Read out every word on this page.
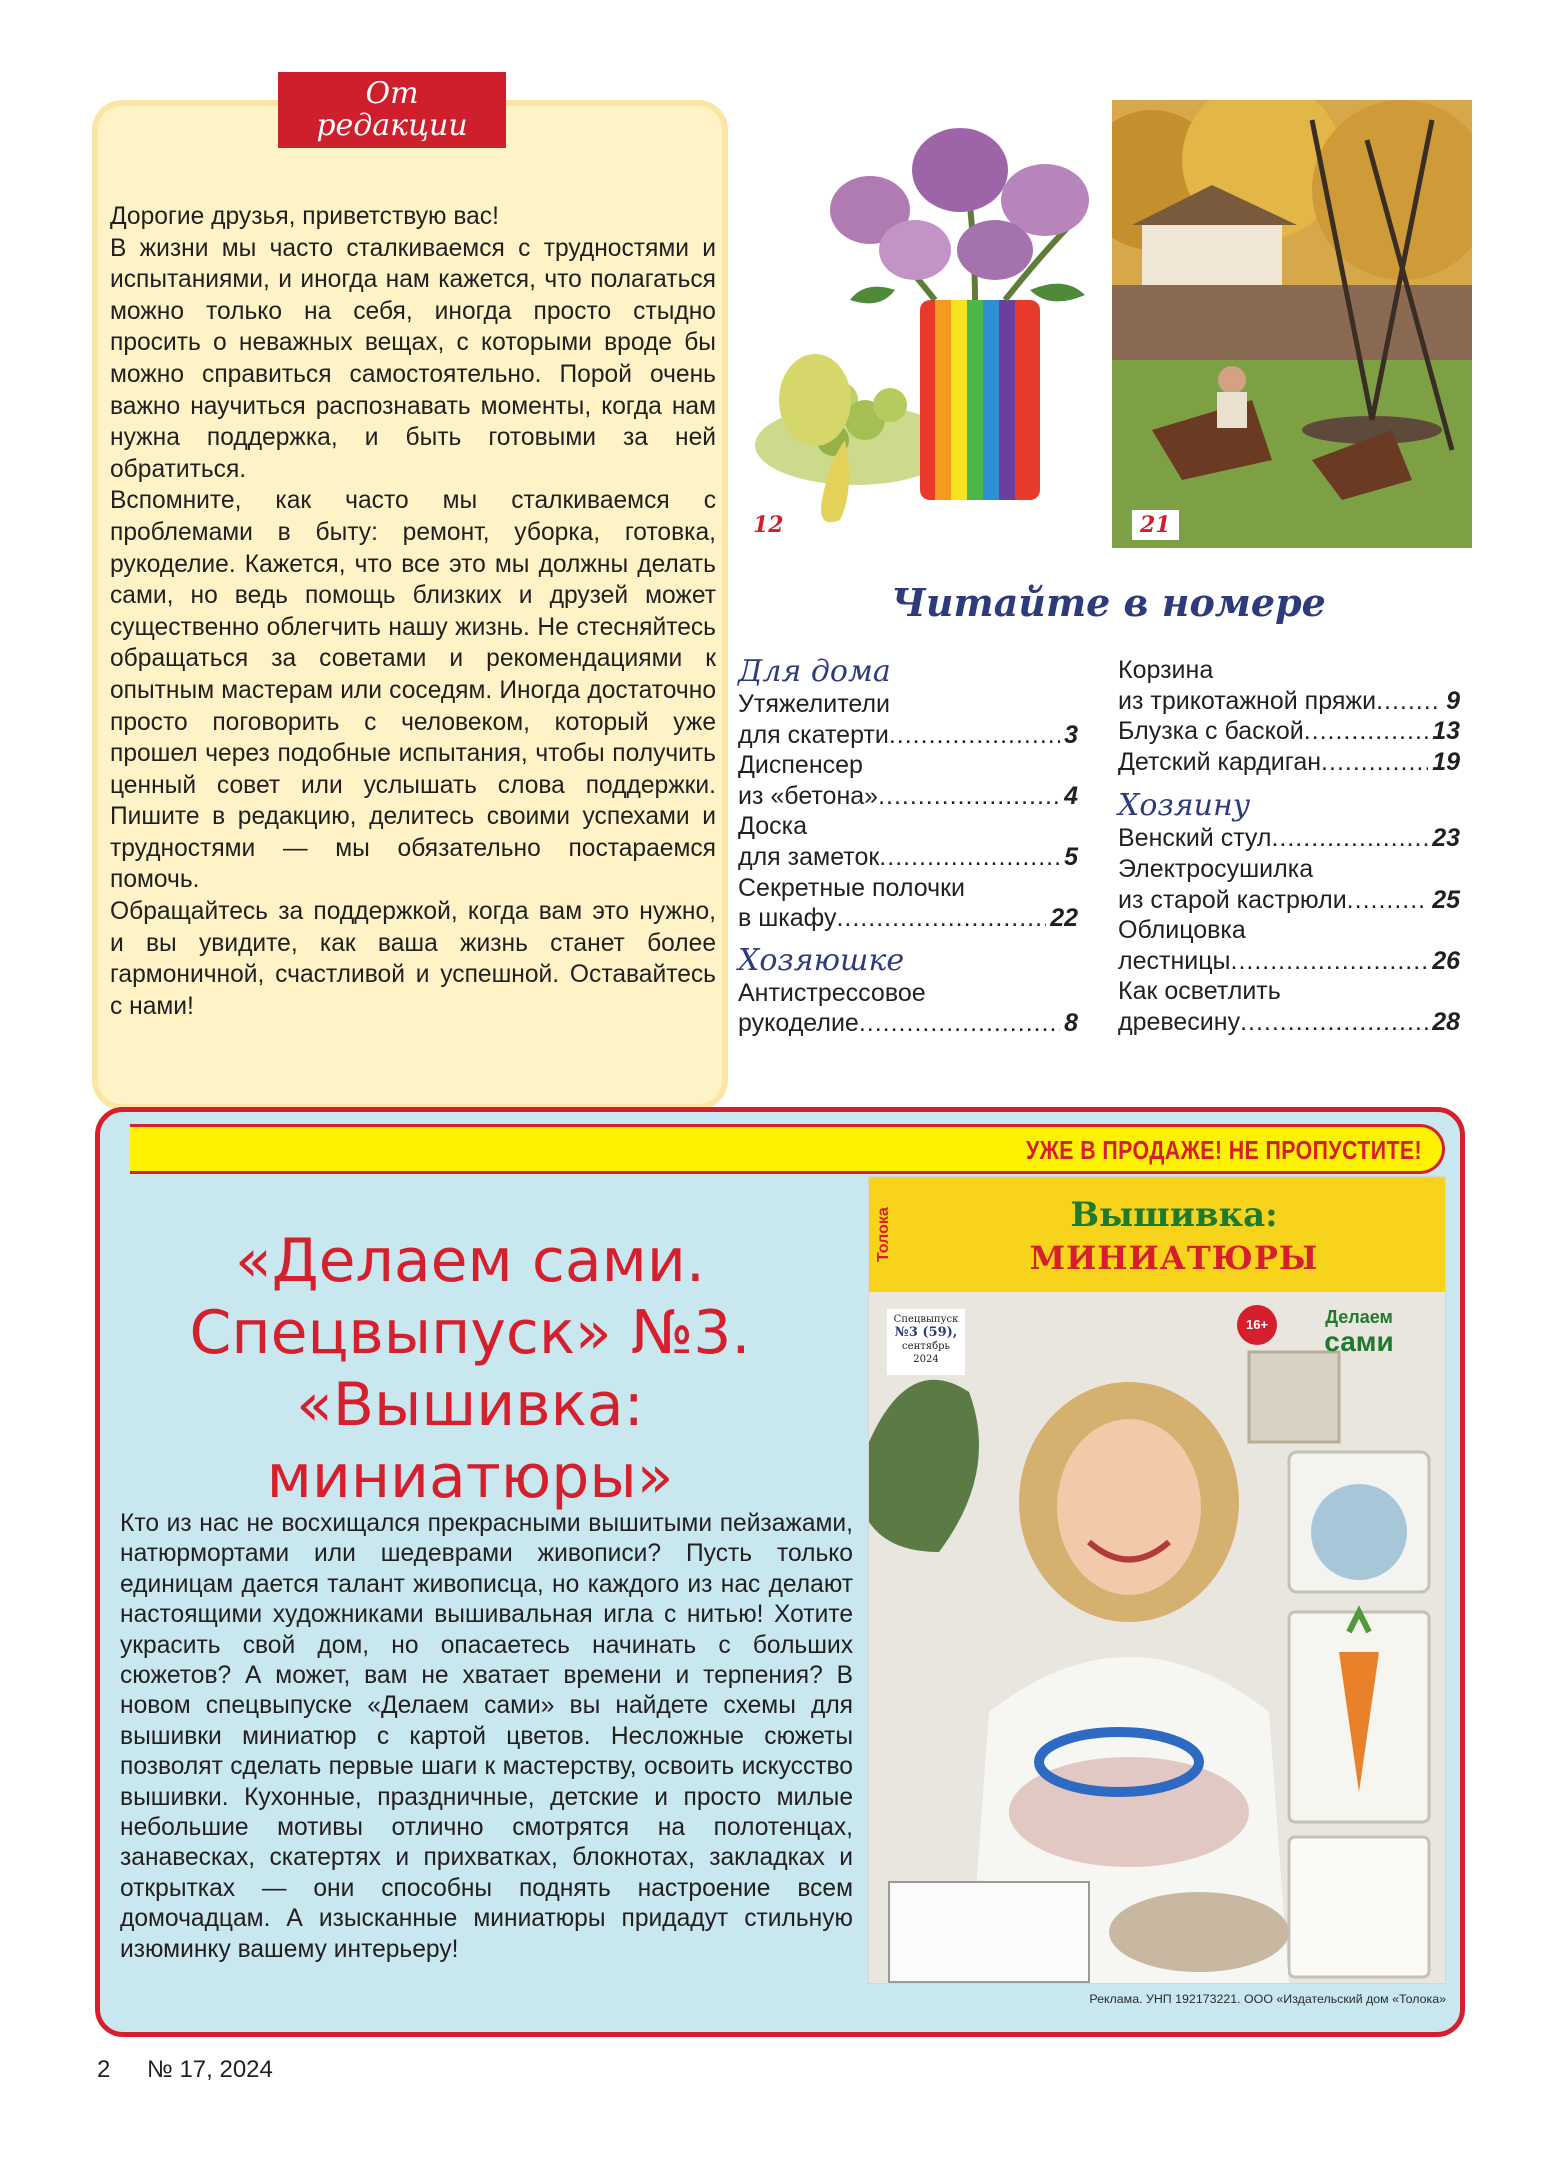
От
редакции

Дорогие друзья, приветствую вас!

В жизни мы часто сталкиваемся с трудностями и испытаниями, и иногда нам кажется, что полагаться можно только на себя, иногда просто стыдно просить о неважных вещах, с которыми вроде бы можно справиться самостоятельно. Порой очень важно научиться распознавать моменты, когда нам нужна поддержка, и быть готовыми за ней обратиться.

Вспомните, как часто мы сталкиваемся с проблемами в быту: ремонт, уборка, готовка, рукоделие. Кажется, что все это мы должны делать сами, но ведь помощь близких и друзей может существенно облегчить нашу жизнь. Не стесняйтесь обращаться за советами и рекомендациями к опытным мастерам или соседям. Иногда достаточно просто поговорить с человеком, который уже прошел через подобные испытания, чтобы получить ценный совет или услышать слова поддержки. Пишите в редакцию, делитесь своими успехами и трудностями — мы обязательно постараемся помочь.

Обращайтесь за поддержкой, когда вам это нужно, и вы увидите, как ваша жизнь станет более гармоничной, счастливой и успешной. Оставайтесь с нами!

12	21
Читайте в номере
Для дома
Утяжелители
для скатерти .....	3
Диспенсер
из «бетона» .....	4
Доска
для заметок .....	5
Секретные полочки
в шкафу .....	22
Хозяюшке
Антистрессовое
рукоделие .....	8
Корзина
из трикотажной пряжи .....	9
Блузка с баской .....	13
Детский кардиган .....	19
Хозяину
Венский стул .....	23
Электросушилка
из старой кастрюли .....	25
Облицовка
лестницы .....	26
Как осветлить
древесину .....	28
УЖЕ В ПРОДАЖЕ! НЕ ПРОПУСТИТЕ!
«Делаем сами.
Спецвыпуск» №3.
«Вышивка:
миниатюры»
Кто из нас не восхищался прекрасными вышитыми пейзажами, натюрмортами или шедеврами живописи? Пусть только единицам дается талант живописца, но каждого из нас делают настоящими художниками вышивальная игла с нитью! Хотите украсить свой дом, но опасаетесь начинать с больших сюжетов? А может, вам не хватает времени и терпения? В новом спецвыпуске «Делаем сами» вы найдете схемы для вышивки миниатюр с картой цветов. Несложные сюжеты позволят сделать первые шаги к мастерству, освоить искусство вышивки. Кухонные, праздничные, детские и просто милые небольшие мотивы отлично смотрятся на полотенцах, занавесках, скатертях и прихватках, блокнотах, закладках и открытках — они способны поднять настроение всем домочадцам. А изысканные миниатюры придадут стильную изюминку вашему интерьеру!
Толока	Вышивка:
МИНИАТЮРЫ
Спецвыпуск
№3 (59),
сентябрь
2024
16+	Делаем
сами
Реклама. УНП 192173221. ООО «Издательский дом «Толока»
2 № 17, 2024
